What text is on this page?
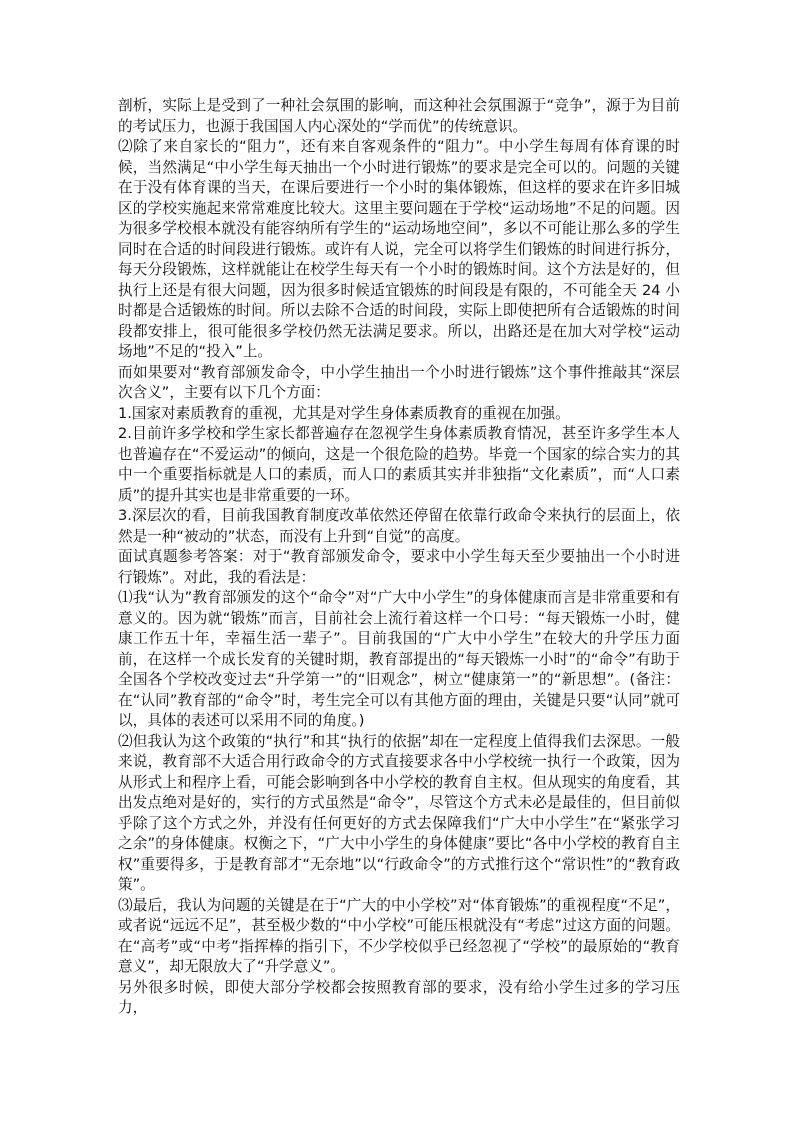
剖析，实际上是受到了一种社会氛围的影响，而这种社会氛围源于“竞争”，源于为目前的考试压力，也源于我国国人内心深处的“学而优”的传统意识。

⑵除了来自家长的“阻力”，还有来自客观条件的“阻力”。中小学生每周有体育课的时候，当然满足“中小学生每天抽出一个小时进行锻炼”的要求是完全可以的。问题的关键在于没有体育课的当天，在课后要进行一个小时的集体锻炼，但这样的要求在许多旧城区的学校实施起来常常难度比较大。这里主要问题在于学校“运动场地”不足的问题。因为很多学校根本就没有能容纳所有学生的“运动场地空间”，多以不可能让那么多的学生同时在合适的时间段进行锻炼。或许有人说，完全可以将学生们锻炼的时间进行拆分，每天分段锻炼，这样就能让在校学生每天有一个小时的锻炼时间。这个方法是好的，但执行上还是有很大问题，因为很多时候适宜锻炼的时间段是有限的，不可能全天 24 小时都是合适锻炼的时间。所以去除不合适的时间段，实际上即使把所有合适锻炼的时间段都安排上，很可能很多学校仍然无法满足要求。所以，出路还是在加大对学校“运动场地”不足的“投入”上。

而如果要对“教育部颁发命令，中小学生抽出一个小时进行锻炼”这个事件推敲其“深层次含义”，主要有以下几个方面：

1.国家对素质教育的重视，尤其是对学生身体素质教育的重视在加强。

2.目前许多学校和学生家长都普遍存在忽视学生身体素质教育情况，甚至许多学生本人也普遍存在“不爱运动”的倾向，这是一个很危险的趋势。毕竟一个国家的综合实力的其中一个重要指标就是人口的素质，而人口的素质其实并非独指“文化素质”，而“人口素质”的提升其实也是非常重要的一环。

3.深层次的看，目前我国教育制度改革依然还停留在依靠行政命令来执行的层面上，依然是一种“被动的”状态，而没有上升到“自觉”的高度。

面试真题参考答案：对于“教育部颁发命令，要求中小学生每天至少要抽出一个小时进行锻炼”。对此，我的看法是：

⑴我“认为”教育部颁发的这个“命令”对“广大中小学生”的身体健康而言是非常重要和有意义的。因为就“锻炼”而言，目前社会上流行着这样一个口号：“每天锻炼一小时，健康工作五十年，幸福生活一辈子”。目前我国的“广大中小学生”在较大的升学压力面前，在这样一个成长发育的关键时期，教育部提出的“每天锻炼一小时”的“命令”有助于全国各个学校改变过去“升学第一”的“旧观念”，树立“健康第一”的“新思想”。(备注：在“认同”教育部的“命令”时，考生完全可以有其他方面的理由，关键是只要“认同”就可以，具体的表述可以采用不同的角度。)

⑵但我认为这个政策的“执行”和其“执行的依据”却在一定程度上值得我们去深思。一般来说，教育部不大适合用行政命令的方式直接要求各中小学校统一执行一个政策，因为从形式上和程序上看，可能会影响到各中小学校的教育自主权。但从现实的角度看，其出发点绝对是好的，实行的方式虽然是“命令”，尽管这个方式未必是最佳的，但目前似乎除了这个方式之外，并没有任何更好的方式去保障我们“广大中小学生”在“紧张学习之余”的身体健康。权衡之下，“广大中小学生的身体健康”要比“各中小学校的教育自主权”重要得多，于是教育部才“无奈地”以“行政命令”的方式推行这个“常识性”的“教育政策”。

⑶最后，我认为问题的关键是在于“广大的中小学校”对“体育锻炼”的重视程度“不足”，或者说“远远不足”，甚至极少数的“中小学校”可能压根就没有“考虑”过这方面的问题。在“高考”或“中考”指挥棒的指引下，不少学校似乎已经忽视了“学校”的最原始的“教育意义”，却无限放大了“升学意义”。

另外很多时候，即使大部分学校都会按照教育部的要求，没有给小学生过多的学习压力，
